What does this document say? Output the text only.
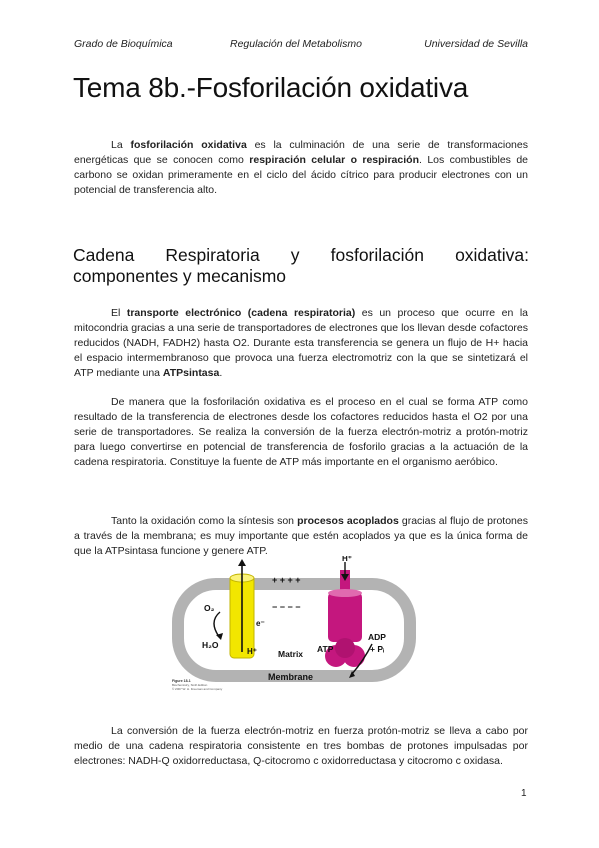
Grado de Bioquímica	Regulación del Metabolismo	Universidad de Sevilla
Tema 8b.-Fosforilación oxidativa

La fosforilación oxidativa es la culminación de una serie de transformaciones energéticas que se conocen como respiración celular o respiración. Los combustibles de carbono se oxidan primeramente en el ciclo del ácido cítrico para producir electrones con un potencial de transferencia alto.

Cadena Respiratoria y fosforilación oxidativa: componentes y mecanismo

El transporte electrónico (cadena respiratoria) es un proceso que ocurre en la mitocondria gracias a una serie de transportadores de electrones que los llevan desde cofactores reducidos (NADH, FADH2) hasta O2. Durante esta transferencia se genera un flujo de H+ hacia el espacio intermembranoso que provoca una fuerza electromotriz con la que se sintetizará el ATP mediante una ATPsintasa.

De manera que la fosforilación oxidativa es el proceso en el cual se forma ATP como resultado de la transferencia de electrones desde los cofactores reducidos hasta el O2 por una serie de transportadores. Se realiza la conversión de la fuerza electrón-motriz a protón-motriz para luego convertirse en potencial de transferencia de fosforilo gracias a la actuación de la cadena respiratoria. Constituye la fuente de ATP más importante en el organismo aeróbico.

Tanto la oxidación como la síntesis son procesos acoplados gracias al flujo de protones a través de la membrana; es muy importante que estén acoplados ya que es la única forma de que la ATPsintasa funcione y genere ATP.

+ + + +
− − − −
O₂
H₂O
e⁻
H⁺
H⁺
ADP
+ Pᵢ
ATP
Matrix
Membrane
Figure 18-1
Biochemistry, Sixth Edition
© 2007 W. H. Freeman and Company

La conversión de la fuerza electrón-motriz en fuerza protón-motriz se lleva a cabo por medio de una cadena respiratoria consistente en tres bombas de protones impulsadas por electrones: NADH-Q oxidorreductasa, Q-citocromo c oxidorreductasa y citocromo c oxidasa.

1
